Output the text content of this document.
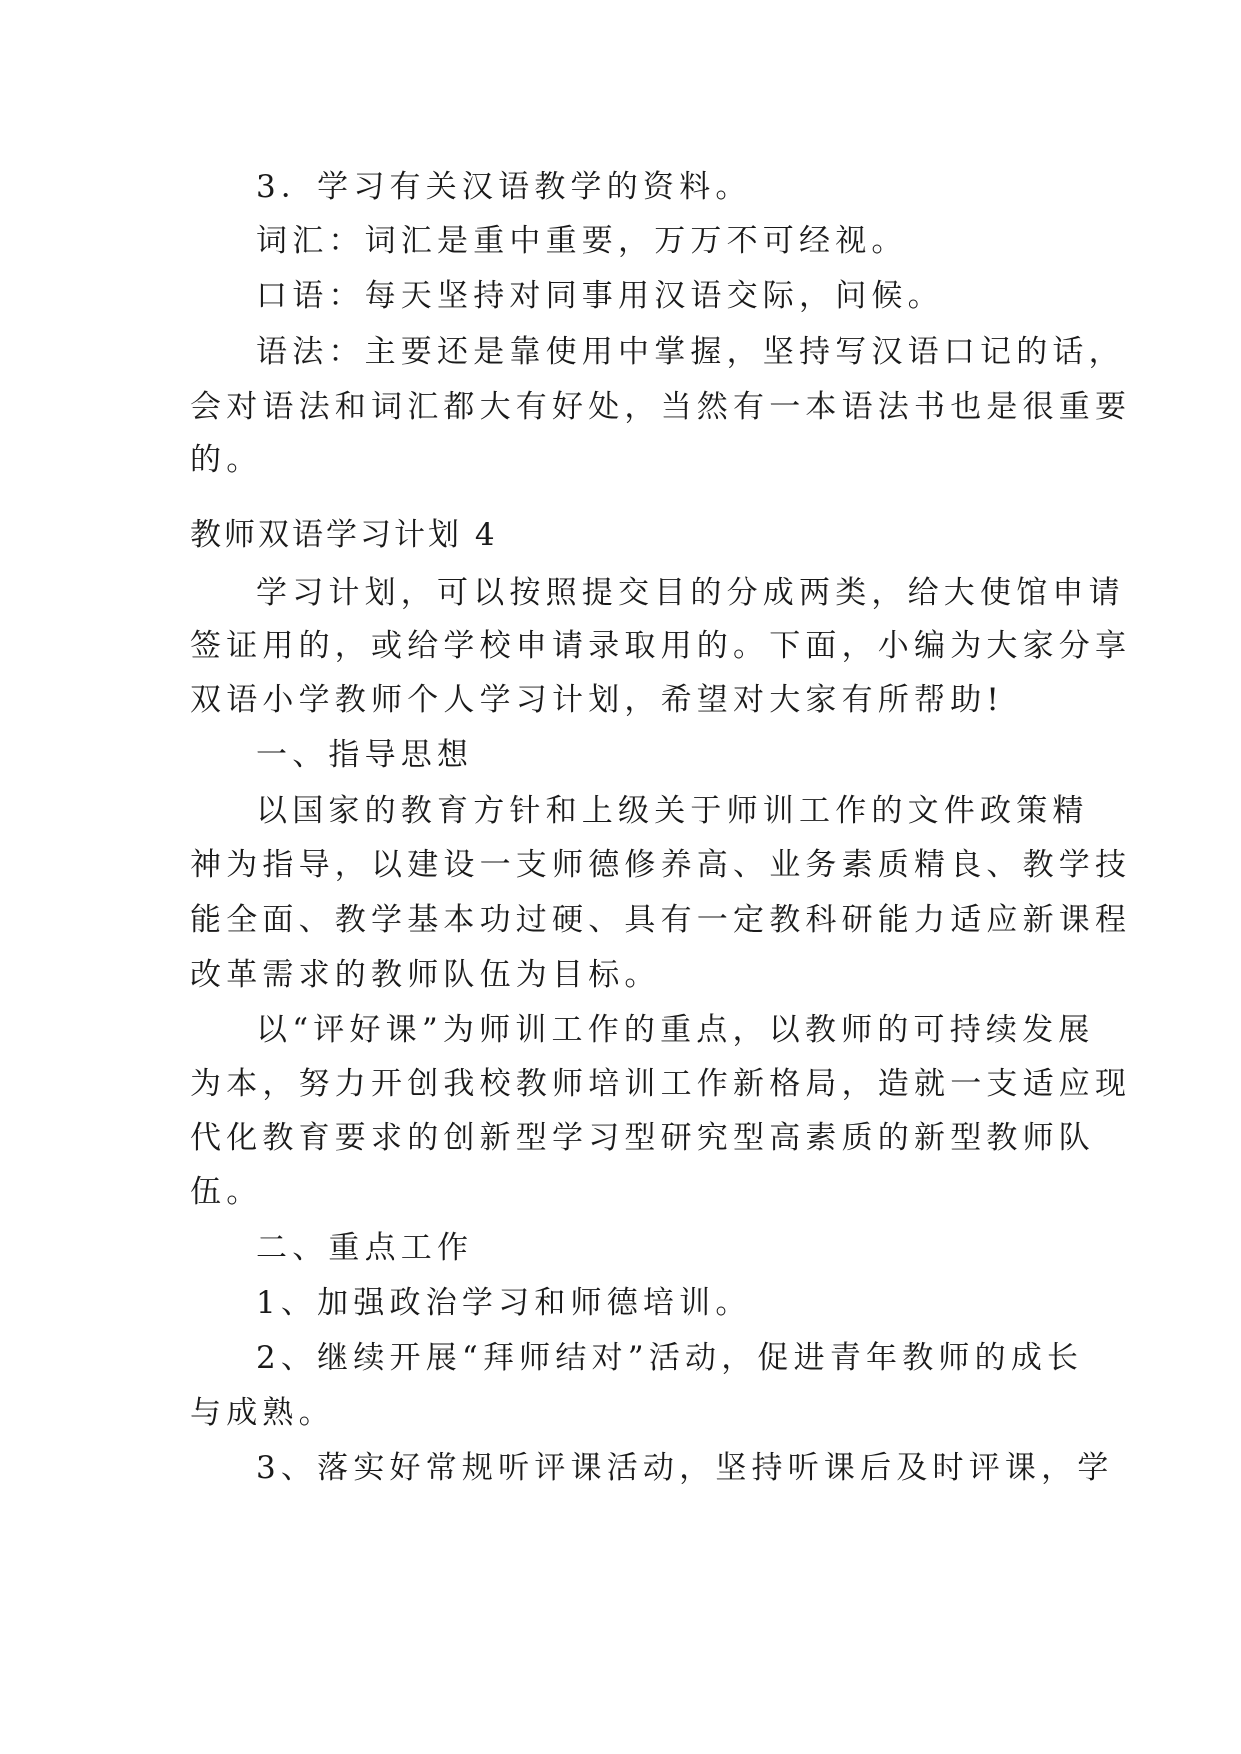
3．学习有关汉语教学的资料。
词汇：词汇是重中重要，万万不可经视。
口语：每天坚持对同事用汉语交际，问候。
语法：主要还是靠使用中掌握，坚持写汉语口记的话，
会对语法和词汇都大有好处，当然有一本语法书也是很重要
的。
教师双语学习计划 4
学习计划，可以按照提交目的分成两类，给大使馆申请
签证用的，或给学校申请录取用的。下面，小编为大家分享
双语小学教师个人学习计划，希望对大家有所帮助!
一、指导思想
以国家的教育方针和上级关于师训工作的文件政策精
神为指导，以建设一支师德修养高、业务素质精良、教学技
能全面、教学基本功过硬、具有一定教科研能力适应新课程
改革需求的教师队伍为目标。
以“评好课”为师训工作的重点，以教师的可持续发展
为本，努力开创我校教师培训工作新格局，造就一支适应现
代化教育要求的创新型学习型研究型高素质的新型教师队
伍。
二、重点工作
1、加强政治学习和师德培训。
2、继续开展“拜师结对”活动，促进青年教师的成长
与成熟。
3、落实好常规听评课活动，坚持听课后及时评课，学
